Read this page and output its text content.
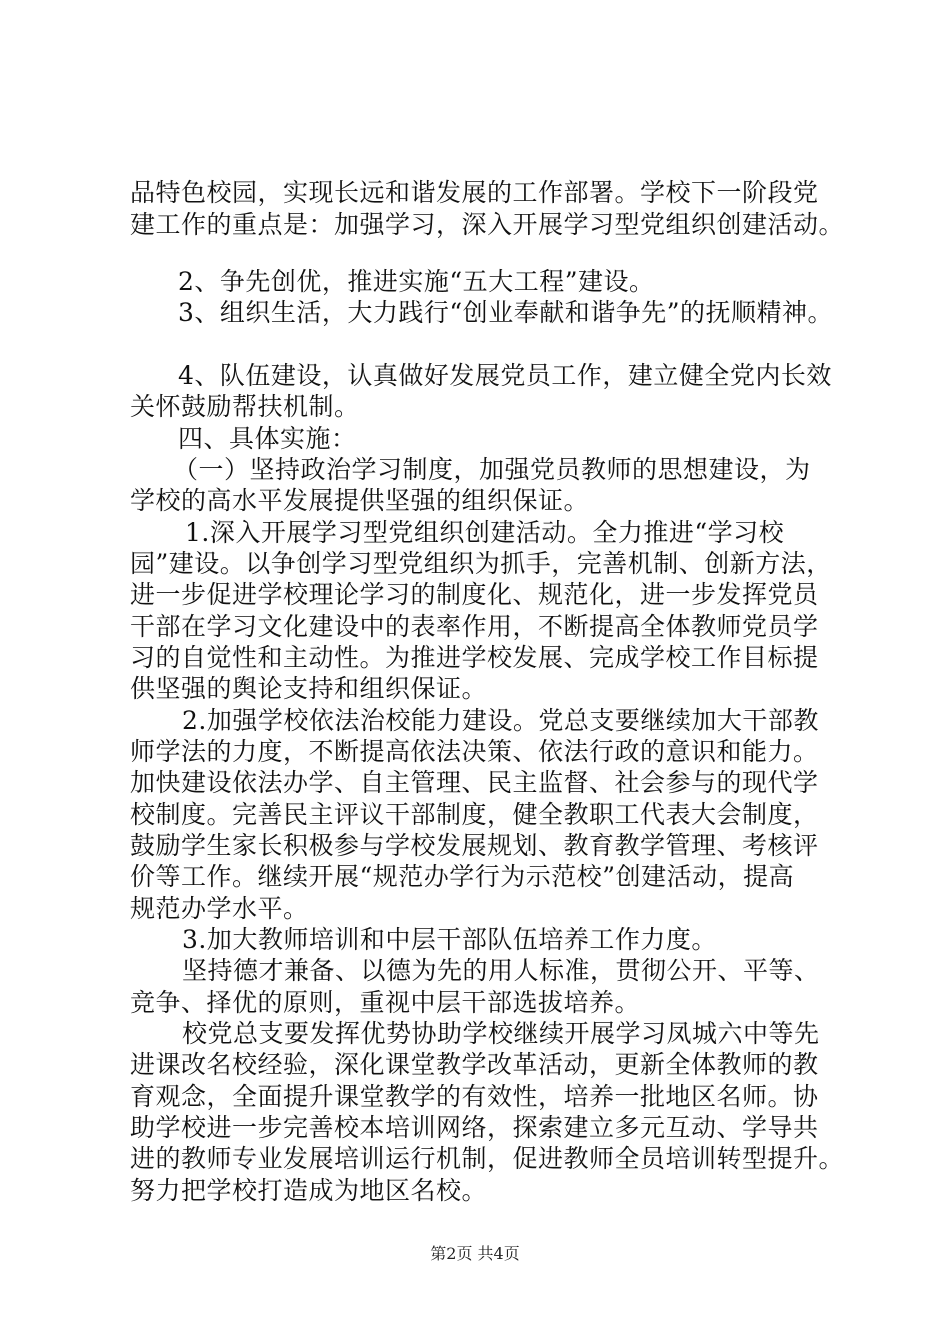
品特色校园，实现长远和谐发展的工作部署。学校下一阶段党
建工作的重点是：加强学习，深入开展学习型党组织创建活动。
2、争先创优，推进实施“五大工程”建设。
3、组织生活，大力践行“创业奉献和谐争先”的抚顺精神。
4、队伍建设，认真做好发展党员工作，建立健全党内长效
关怀鼓励帮扶机制。
四、具体实施：
（一）坚持政治学习制度，加强党员教师的思想建设，为
学校的高水平发展提供坚强的组织保证。
1.深入开展学习型党组织创建活动。全力推进“学习校
园”建设。以争创学习型党组织为抓手，完善机制、创新方法，
进一步促进学校理论学习的制度化、规范化，进一步发挥党员
干部在学习文化建设中的表率作用，不断提高全体教师党员学
习的自觉性和主动性。为推进学校发展、完成学校工作目标提
供坚强的舆论支持和组织保证。
2.加强学校依法治校能力建设。党总支要继续加大干部教
师学法的力度，不断提高依法决策、依法行政的意识和能力。
加快建设依法办学、自主管理、民主监督、社会参与的现代学
校制度。完善民主评议干部制度，健全教职工代表大会制度，
鼓励学生家长积极参与学校发展规划、教育教学管理、考核评
价等工作。继续开展“规范办学行为示范校”创建活动，提高
规范办学水平。
3.加大教师培训和中层干部队伍培养工作力度。
坚持德才兼备、以德为先的用人标准，贯彻公开、平等、
竞争、择优的原则，重视中层干部选拔培养。
校党总支要发挥优势协助学校继续开展学习凤城六中等先
进课改名校经验，深化课堂教学改革活动，更新全体教师的教
育观念，全面提升课堂教学的有效性，培养一批地区名师。协
助学校进一步完善校本培训网络，探索建立多元互动、学导共
进的教师专业发展培训运行机制，促进教师全员培训转型提升。
努力把学校打造成为地区名校。
第2页 共4页
